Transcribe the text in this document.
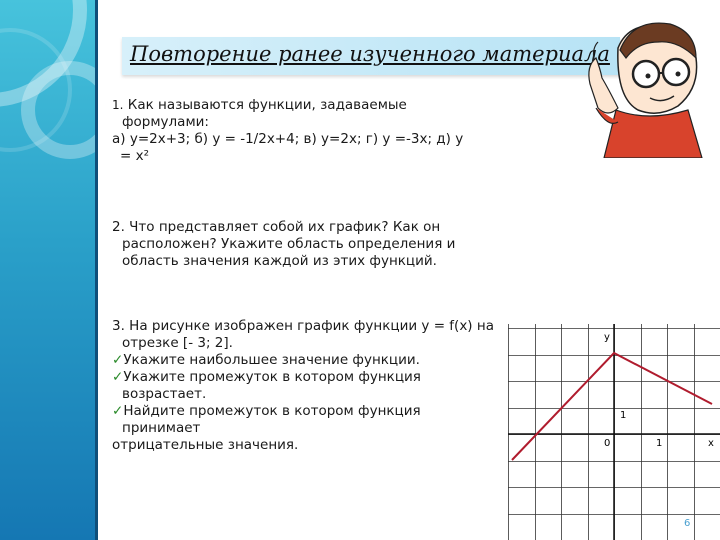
Повторение ранее изученного материала
1. Как называются функции, задаваемые
формулами:
а) у=2х+3; б) у = -1/2х+4; в) у=2х; г) у =-3х; д) у
= х²
2. Что представляет собой их график? Как он
расположен? Укажите область определения и
область значения каждой из этих функций.
3. На рисунке изображен график функции у = f(x) на
отрезке [- 3; 2].
✓Укажите наибольшее значение функции.
✓Укажите промежуток в котором функция
возрастает.
✓Найдите промежуток в котором функция
принимает
отрицательные значения.
у
х
0	1
1
6
